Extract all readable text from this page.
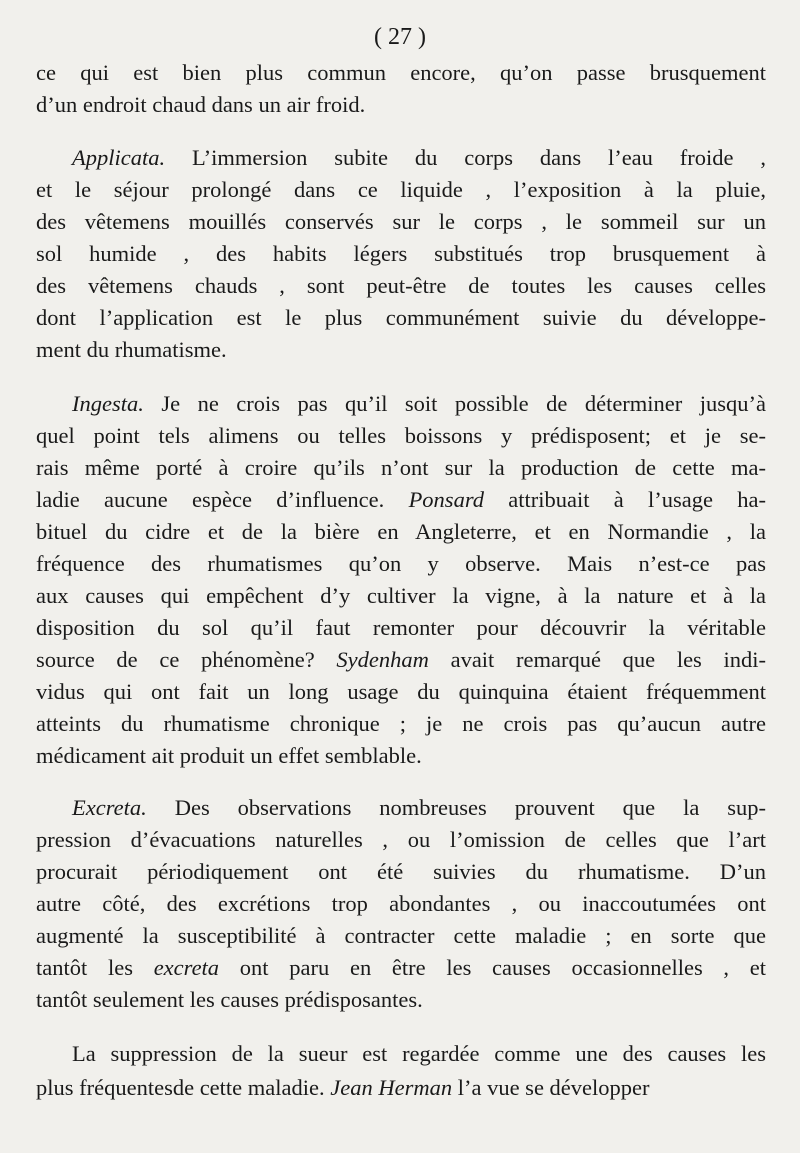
( 27 )
ce qui est bien plus commun encore, qu’on passe brusquement
d’un endroit chaud dans un air froid.
Applicata. L’immersion subite du corps dans l’eau froide ,
et le séjour prolongé dans ce liquide , l’exposition à la pluie,
des vêtemens mouillés conservés sur le corps , le sommeil sur un
sol humide , des habits légers substitués trop brusquement à
des vêtemens chauds , sont peut-être de toutes les causes celles
dont l’application est le plus communément suivie du développe-
ment du rhumatisme.
Ingesta. Je ne crois pas qu’il soit possible de déterminer jusqu’à
quel point tels alimens ou telles boissons y prédisposent; et je se-
rais même porté à croire qu’ils n’ont sur la production de cette ma-
ladie aucune espèce d’influence. Ponsard attribuait à l’usage ha-
bituel du cidre et de la bière en Angleterre, et en Normandie , la
fréquence des rhumatismes qu’on y observe. Mais n’est-ce pas
aux causes qui empêchent d’y cultiver la vigne, à la nature et à la
disposition du sol qu’il faut remonter pour découvrir la véritable
source de ce phénomène? Sydenham avait remarqué que les indi-
vidus qui ont fait un long usage du quinquina étaient fréquemment
atteints du rhumatisme chronique ; je ne crois pas qu’aucun autre
médicament ait produit un effet semblable.
Excreta. Des observations nombreuses prouvent que la sup-
pression d’évacuations naturelles , ou l’omission de celles que l’art
procurait périodiquement ont été suivies du rhumatisme. D’un
autre côté, des excrétions trop abondantes , ou inaccoutumées ont
augmenté la susceptibilité à contracter cette maladie ; en sorte que
tantôt les excreta ont paru en être les causes occasionnelles , et
tantôt seulement les causes prédisposantes.
La suppression de la sueur est regardée comme une des causes les
plus fréquentesde cette maladie. Jean Herman l’a vue se développer
